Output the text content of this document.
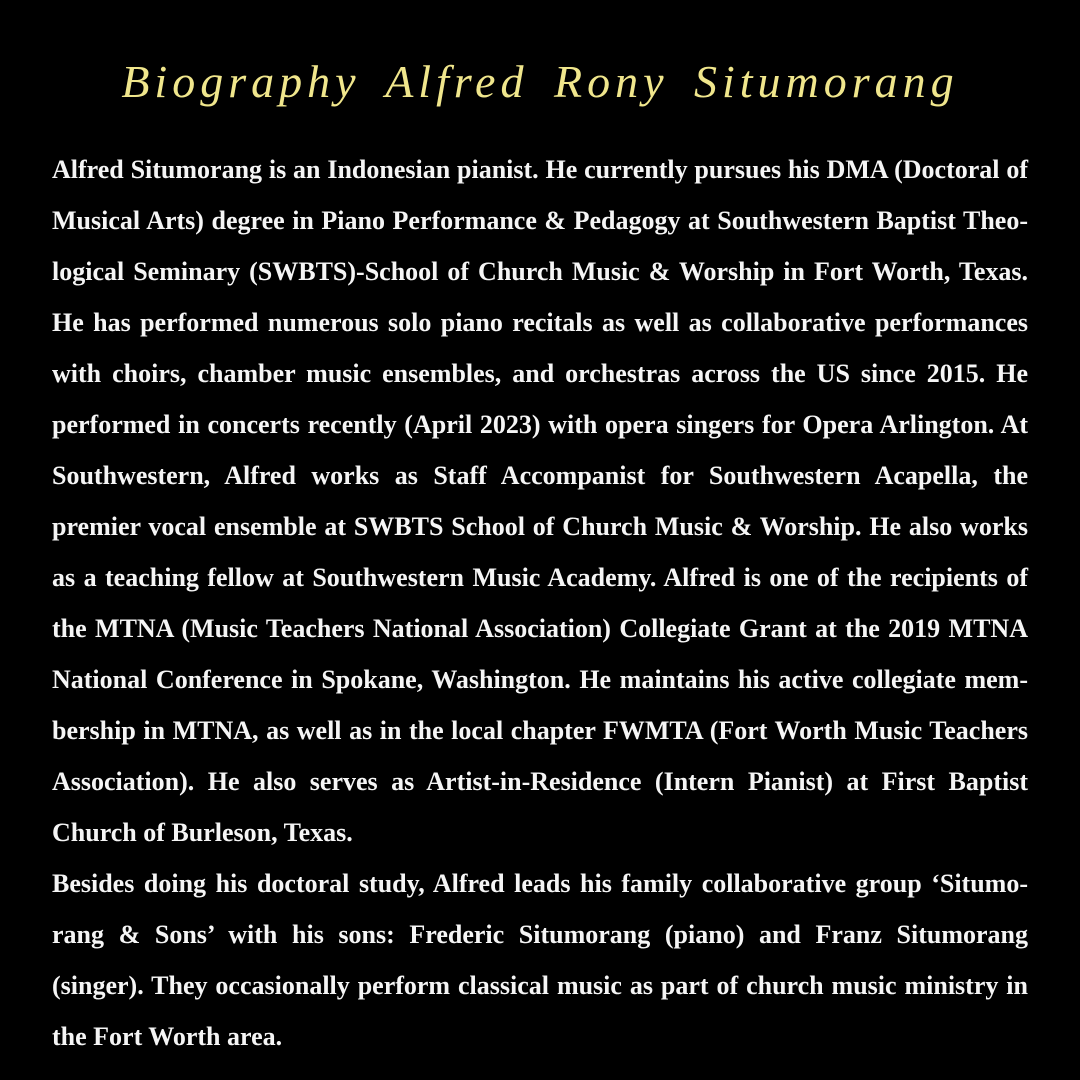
Biography Alfred Rony Situmorang
Alfred Situmorang is an Indonesian pianist. He currently pursues his DMA (Doctoral of
Musical Arts) degree in Piano Performance & Pedagogy at Southwestern Baptist Theo-
logical Seminary (SWBTS)-School of Church Music & Worship in Fort Worth, Texas.
He has performed numerous solo piano recitals as well as collaborative performances
with choirs, chamber music ensembles, and orchestras across the US since 2015. He
performed in concerts recently (April 2023) with opera singers for Opera Arlington. At
Southwestern, Alfred works as Staff Accompanist for Southwestern Acapella, the
premier vocal ensemble at SWBTS School of Church Music & Worship. He also works
as a teaching fellow at Southwestern Music Academy. Alfred is one of the recipients of
the MTNA (Music Teachers National Association) Collegiate Grant at the 2019 MTNA
National Conference in Spokane, Washington. He maintains his active collegiate mem-
bership in MTNA, as well as in the local chapter FWMTA (Fort Worth Music Teachers
Association). He also serves as Artist-in-Residence (Intern Pianist) at First Baptist
Church of Burleson, Texas.
Besides doing his doctoral study, Alfred leads his family collaborative group ‘Situmo-
rang & Sons’ with his sons: Frederic Situmorang (piano) and Franz Situmorang
(singer). They occasionally perform classical music as part of church music ministry in
the Fort Worth area.
